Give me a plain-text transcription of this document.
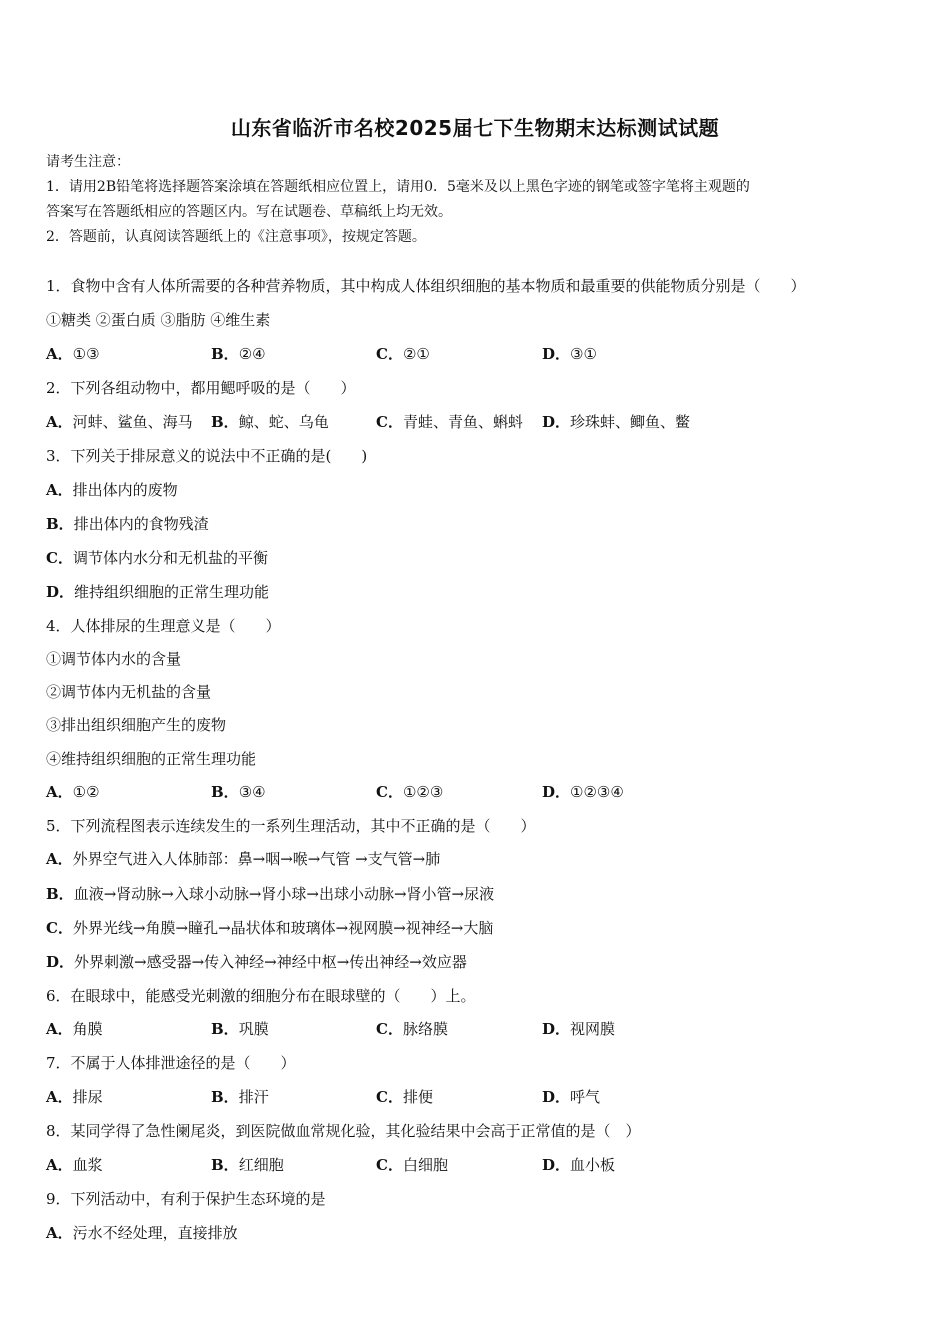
山东省临沂市名校2025届七下生物期末达标测试试题
请考生注意：
1．请用2B铅笔将选择题答案涂填在答题纸相应位置上，请用0．5毫米及以上黑色字迹的钢笔或签字笔将主观题的
答案写在答题纸相应的答题区内。写在试题卷、草稿纸上均无效。
2．答题前，认真阅读答题纸上的《注意事项》，按规定答题。
1．食物中含有人体所需要的各种营养物质，其中构成人体组织细胞的基本物质和最重要的供能物质分别是（　　）
①糖类 ②蛋白质 ③脂肪 ④维生素
A．①③	B．②④	C．②①	D．③①
2．下列各组动物中，都用鳃呼吸的是（　　）
A．河蚌、鲨鱼、海马 B．鲸、蛇、乌龟	C．青蛙、青鱼、蝌蚪 D．珍珠蚌、鲫鱼、鳖
3．下列关于排尿意义的说法中不正确的是(　　)
A．排出体内的废物
B．排出体内的食物残渣
C．调节体内水分和无机盐的平衡
D．维持组织细胞的正常生理功能
4．人体排尿的生理意义是（　　）
①调节体内水的含量
②调节体内无机盐的含量
③排出组织细胞产生的废物
④维持组织细胞的正常生理功能
A．①②	B．③④	C．①②③	D．①②③④
5．下列流程图表示连续发生的一系列生理活动，其中不正确的是（　　）
A．外界空气进入人体肺部：鼻→咽→喉→气管 →支气管→肺
B．血液→肾动脉→入球小动脉→肾小球→出球小动脉→肾小管→尿液
C．外界光线→角膜→瞳孔→晶状体和玻璃体→视网膜→视神经→大脑
D．外界刺激→感受器→传入神经→神经中枢→传出神经→效应器
6．在眼球中，能感受光刺激的细胞分布在眼球壁的（　　）上。
A．角膜	B．巩膜	C．脉络膜	D．视网膜
7．不属于人体排泄途径的是（　　）
A．排尿	B．排汗	C．排便	D．呼气
8．某同学得了急性阑尾炎，到医院做血常规化验，其化验结果中会高于正常值的是（　）
A．血浆	B．红细胞	C．白细胞	D．血小板
9．下列活动中，有利于保护生态环境的是
A．污水不经处理，直接排放
